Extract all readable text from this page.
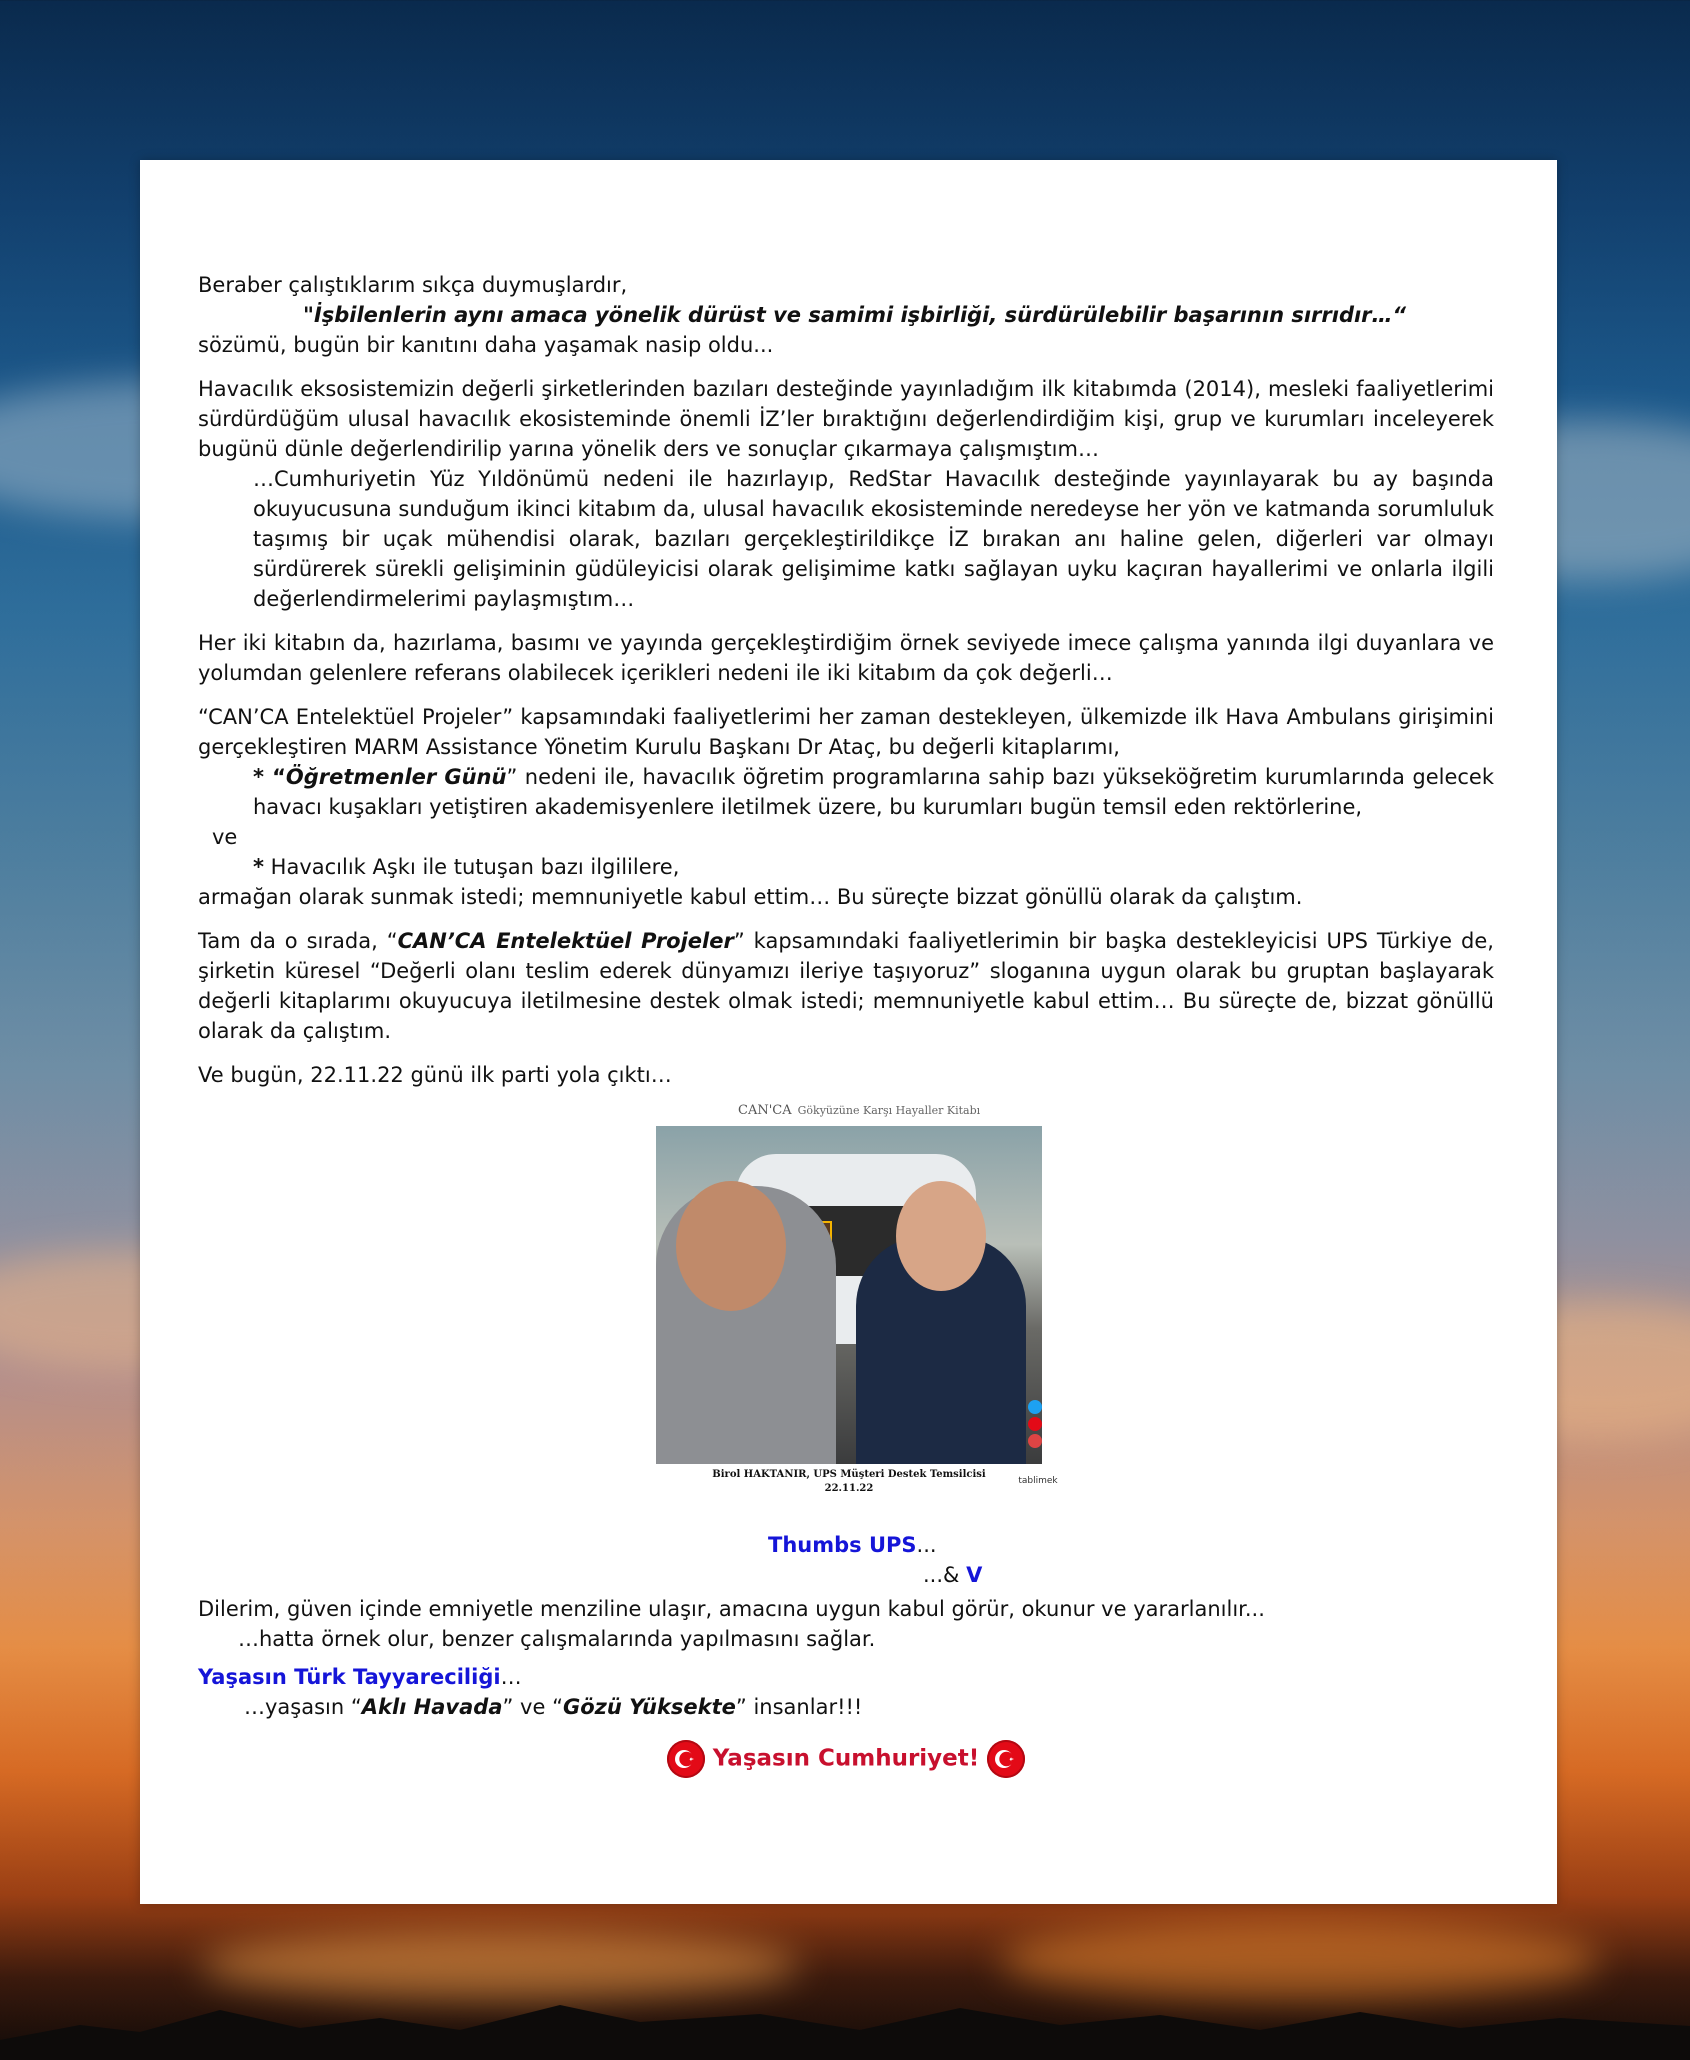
Beraber çalıştıklarım sıkça duymuşlardır,

"İşbilenlerin aynı amaca yönelik dürüst ve samimi işbirliği, sürdürülebilir başarının sırrıdır…“

sözümü, bugün bir kanıtını daha yaşamak nasip oldu...

Havacılık eksosistemizin değerli şirketlerinden bazıları desteğinde yayınladığım ilk kitabımda (2014), mesleki faaliyetlerimi sürdürdüğüm ulusal havacılık ekosisteminde önemli İZ’ler bıraktığını değerlendirdiğim kişi, grup ve kurumları inceleyerek bugünü dünle değerlendirilip yarına yönelik ders ve sonuçlar çıkarmaya çalışmıştım…

…Cumhuriyetin Yüz Yıldönümü nedeni ile hazırlayıp, RedStar Havacılık desteğinde yayınlayarak bu ay başında okuyucusuna sunduğum ikinci kitabım da, ulusal havacılık ekosisteminde neredeyse her yön ve katmanda sorumluluk taşımış bir uçak mühendisi olarak, bazıları gerçekleştirildikçe İZ bırakan anı haline gelen, diğerleri var olmayı sürdürerek sürekli gelişiminin güdüleyicisi olarak gelişimime katkı sağlayan uyku kaçıran hayallerimi ve onlarla ilgili değerlendirmelerimi paylaşmıştım…

Her iki kitabın da, hazırlama, basımı ve yayında gerçekleştirdiğim örnek seviyede imece çalışma yanında ilgi duyanlara ve yolumdan gelenlere referans olabilecek içerikleri nedeni ile iki kitabım da çok değerli…

“CAN’CA Entelektüel Projeler” kapsamındaki faaliyetlerimi her zaman destekleyen, ülkemizde ilk Hava Ambulans girişimini gerçekleştiren MARM Assistance Yönetim Kurulu Başkanı Dr Ataç, bu değerli kitaplarımı,

* “Öğretmenler Günü” nedeni ile, havacılık öğretim programlarına sahip bazı yükseköğretim kurumlarında gelecek havacı kuşakları yetiştiren akademisyenlere iletilmek üzere, bu kurumları bugün temsil eden rektörlerine,

ve

* Havacılık Aşkı ile tutuşan bazı ilgililere,

armağan olarak sunmak istedi; memnuniyetle kabul ettim… Bu süreçte bizzat gönüllü olarak da çalıştım.

Tam da o sırada, “CAN’CA Entelektüel Projeler” kapsamındaki faaliyetlerimin bir başka destekleyicisi UPS Türkiye de, şirketin küresel “Değerli olanı teslim ederek dünyamızı ileriye taşıyoruz” sloganına uygun olarak bu gruptan başlayarak değerli kitaplarımı okuyucuya iletilmesine destek olmak istedi; memnuniyetle kabul ettim… Bu süreçte de, bizzat gönüllü olarak da çalıştım.

Ve bugün, 22.11.22 günü ilk parti yola çıktı…

CAN'CA Gökyüzüne Karşı Hayaller Kitabı
Birol HAKTANIR, UPS Müşteri Destek Temsilcisi
22.11.22
tablimek

Thumbs UPS...

...& V

Dilerim, güven içinde emniyetle menziline ulaşır, amacına uygun kabul görür, okunur ve yararlanılır...

…hatta örnek olur, benzer çalışmalarında yapılmasını sağlar.

Yaşasın Türk Tayyareciliği…

…yaşasın “Aklı Havada” ve “Gözü Yüksekte” insanlar!!!

Yaşasın Cumhuriyet!
